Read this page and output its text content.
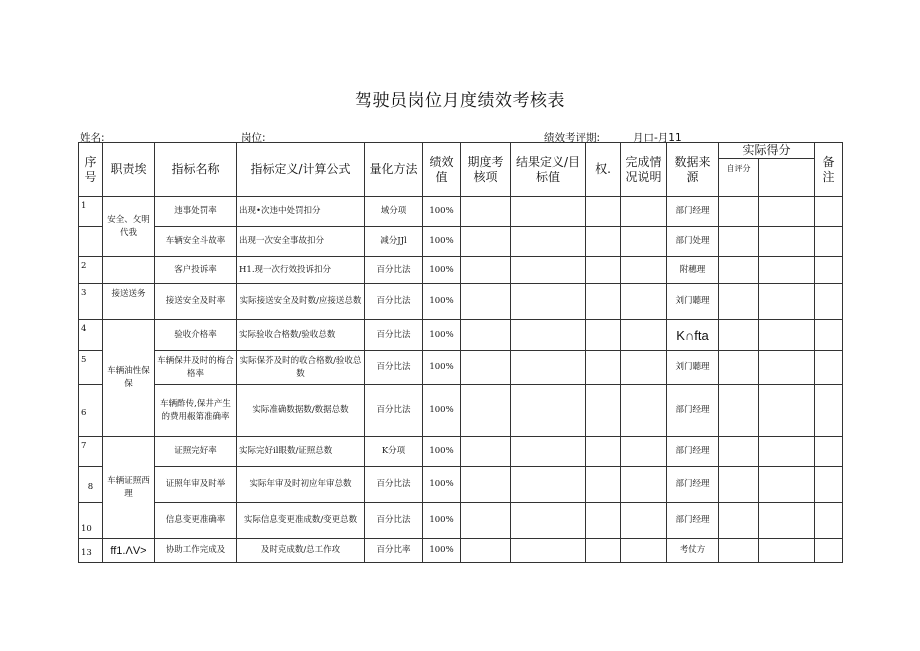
驾驶员岗位月度绩效考核表
姓名:	岗位:	绩效考评期:	月口-月11
序号	职责埃	指标名称	指标定义/计算公式	量化方法	绩效值	期度考核项	结果定义/目标值	权.	完成情况说明	数据来源	实际得分		备注
											自评分		
1	安全、攵明代我	违事处罚率	出现•次违中处罚扣分	域分项	100%					部门经理			
		车辆安全斗故率	出现一次安全事故扣分	减分JJl	100%					部门处理			
2		客户投诉率	H1.现一次行效投诉扣分	百分比法	100%					附穗理			
3	接送送务	接送安全及时率	实际接送安全及时数/应接送总数	百分比法	100%					刘门聽理			
4	车辆油性保保	验收介格率	实际验收合格数/验收总数	百分比法	100%					K∩fta			
5		车辆保井及时的梅合格率	实际保芥及时的收合格数/验收总数	百分比法	100%					刘门聽理			
6		车辆酢传,保井产生的费用赧第准确率	实际准确数据数/数据总数	百分比法	100%					部门经理			
7	车辆证照西理	证照完好率	实际完好il眼数/证照总数	K分项	100%					部门经理			
8		证照年审及时举	实际年审及时初应年审总数	百分比法	100%					部门经理			
10		信息变更准确率	实际信息变更准成数/变更总数	百分比法	100%					部门经理			
13	ff1.ΛV>	协助工作完成及	及时克成数/总工作攻	百分比率	100%					考仗方			
